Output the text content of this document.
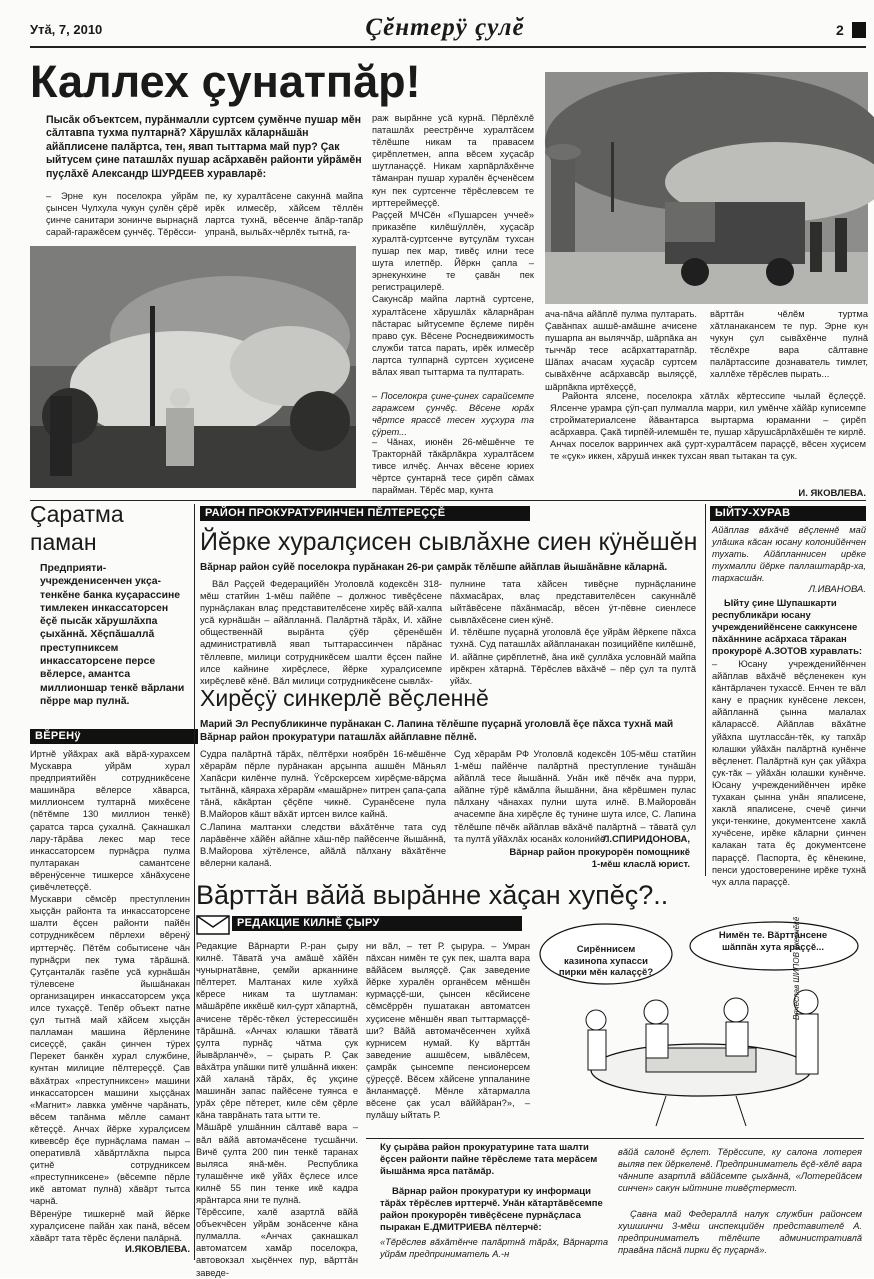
Утă, 7, 2010	Çĕнтерÿ çулĕ	2
Каллех çунатпăр!
Пысăк объектсем, пурăнмалли суртсем çумĕнче пушар мĕн сăлтавпа тухма пултарнă? Хăрушлăх кăларнăшăн айăплисене палăртса, тен, явап тыттарма май пур? Çак ыйтусем çине паташлăх пушар асăрхавĕн районти уйрăмĕн пуçлăхĕ Александр ШУРДЕЕВ хуравларĕ:
– Эрне кун поселокра уйрăм çынсен Чулхула чукун çулĕн çĕрĕ çинче санитари зонинче вырнаçнă сарай-гаражĕсем çунчĕç. Тĕрĕсси-
пе, ку хуралтăсене сакуннă майпа ирĕк илмесĕр, хăйсем тĕллĕн лартса тухнă, вĕсенче ăпăр-тапăр упранă, выльăх-чĕрлĕх тытнă, га-
раж вырăнне усă курнă. Пĕрлĕхлĕ паташлăх реестрĕнче хуралтăсем тĕлĕшпе никам та правасем çирĕплетмен, аппа вĕсем хуçасăр шутланаççĕ. Никам харпăрлăхĕнче тăманран пушар хуралĕн ĕçченĕсем кун пек суртсенче тĕрĕслевсем те ирттереймеççĕ.
Раççей МЧСĕн «Пушарсен уччеĕ» приказĕпе килĕшÿллĕн, хуçасăр хуралтă-суртсенче вутçулăм тухсан пушар пек мар, тивĕç илни тесе шута илетпĕр. Йĕркн çапла – эрнекунхине те çавăн пек регистрацилерĕ.
Сакунсăр майпа лартнă суртсене, хуралтăсене хăрушлăх кăларнăран пăстарас ыйтусемпе ĕçлеме пирĕн право çук. Вĕсене Роснедвижимость служби татса парать, ирĕк илмесĕр лартса тулпарнă суртсен хуçисене вăлах явап тыттарма та пултарать.
– Поселокра çине-çинех сарайсемпе гаражсем çунчĕç. Вĕсене юрăх чĕртсе ярассĕ тесен хуçхура та çÿрет...
– Чăнах, июнĕн 26-мĕшĕнче те Тракторнăй тăкăрлăкра хуралтăсем тивсе илчĕç. Анчах вĕсене юриех чĕртсе çунтарнă тесе çирĕп сăмах парайман. Тĕрĕс мар, кунта
ача-пăча айăплĕ пулма пултарать. Çавăнпах ашшĕ-амăшне ачисене пушарпа ан выляччăр, шăрпăка ан тыччăр тесе асăрхаттаратпăр. Шăпах ачасам хуçасăр суртсем сывăхĕнче асăрхавсăр выляççĕ, шăрпăкпа иртĕхеççĕ,
вăрттăн чĕлĕм туртма хăтланакансем те пур. Эрне кун чукун çул сывăхĕнче пулнă тĕслĕхре вара сăлтавне палăртассипе дознаватель тимлет, халлĕхе тĕрĕслев пырать...
Районта ялсене, поселокра хăтлăх кĕртессипе чылай ĕçлеççĕ. Ялсенче урамра çÿп-çап пулмалла марри, кил умĕнче хăйăр куписемпе стройматериалсене йăвантарса выртарма юраманни – çирĕп асăрхавра. Çакă тирпĕй-илемшĕн те, пушар хăрушсăрлăхĕшĕн те кирлĕ. Анчах поселок варринчех акă çурт-хуралтăсем параççĕ, вĕсен хуçисем те «çук» иккен, хăрушă инкек тухсан явап тытакан та çук.
И. ЯКОВЛЕВА.
Çаратма паман
Предприяти-учрежденисенчен укçа-тенкĕне банка куçарассине тимлекен инкассаторсен ĕçĕ пысăк хăрушлăхпа çыхăннă. Хĕçпăшаллă преступниксем инкассаторсене персе вĕлерсе, амантса миллионшар тенкĕ вăрлани пĕрре мар пулнă.
ВĔРЕНÿ
Иртнĕ уйăхрах акă вăрă-хурахсем Мускавра уйрăм хурал предприятийĕн сотрудникĕсене машинăра вĕлерсе хăварса, миллионсем тултарнă михĕсене (пĕтĕмпе 130 миллион тенкĕ) çаратса тарса çухалнă. Çакнашкал лару-тăрăва лекес мар тесе инкассаторсем пурнăçра пулма пултаракан самантсене вĕренÿсенче тишкерсе хăнăхусене çивĕчлетеççĕ.
Мускаври сĕмсĕр преступленин хыççăн районта та инкассаторсене шалти ĕçсен районти пайĕн сотрудникĕсем пĕрлехи вĕренÿ ирттерчĕç. Пĕтĕм событисене чăн пурнăçри пек тума тăрăшнă. Çутçанталăк газĕпе усă курнăшăн тÿлевсене йышăнакан организацирен инкассаторсем укçа илсе тухаççĕ. Тепĕр объект патне çул тытнă май хăйсем хыççăн палламан машина йĕрленине сисеççĕ, çакăн çинчен тÿрех Перекет банкĕн хурал службине, кунтан милицие пĕлтереççĕ. Çав вăхăтрах «преступниксен» машини инкассаторсен машини хыççăнах «Магнит» лавкка умĕнче чарăнать, вĕсем тапăнма мĕлле самант кĕтеççĕ. Анчах йĕрке хуралçисем кивевсĕр ĕçе пурнăçлама паман – оперативлă хăвăртлăхпа пырса çитнĕ сотрудниксем «преступниксене» (вĕсемпе пĕрле икĕ автомат пулнă) хăвăрт тытса чарнă.
Вĕренÿре тишкернĕ май йĕрке хуралçисене пайăн хак панă, вĕсем хăвăрт тата тĕрĕс ĕçлени палăрнă.
И.ЯКОВЛЕВА.
РАЙОН ПРОКУРАТУРИНЧЕН ПĔЛТЕРЕÇÇĔ
Йĕрке хуралçисен сывлăхне сиен кÿнĕшĕн
Вăрнар район суйĕ поселокра пурăнакан 26-ри çамрăк тĕлĕшпе айăплав йышăнăвне кăларнă.
Вăл Раççей Федерацийĕн Уголовлă кодексĕн 318-мĕш статйин 1-мĕш пайĕпе – должнос тивĕçĕсене пурнăçлакан влаç представителĕсене хирĕç вăй-халпа усă курнăшăн – айăпланнă. Палăртнă тăрăх, И. хăйне общественнăй вырăнта çÿĕр çĕренĕшĕн административлă явап тыттарассинчен пăрăнас тĕллевпе, милици сотрудникĕсем шалти ĕçсен пайне илсе кайнине хирĕçлесе, йĕрке хуралçисемпе хирĕçлевĕ кĕнĕ. Вăл милици сотрудникĕсене сывлăх-
пулнине тата хăйсен тивĕçне пурнăçланине пăхмасăрах, влаç представителĕсен сакуннăлĕ ыйтăвĕсене пăхăнмасăр, вĕсен ÿт-пĕвне сиенлесе сывлăхĕсене сиен кÿнĕ.
И. тĕлĕшпе пуçарнă уголовлă ĕçе уйрăм йĕркепе пăхса тухнă. Суд паташлăх айăпланакан позицийĕпе килĕшнĕ, И. айăпне çирĕплетнĕ, ăна икĕ çуллăха условнăй майпа ирĕкрен хăтарнă. Тĕрĕслев вăхăчĕ – пĕр çул та пултă уйăх.
Хирĕçÿ синкерлĕ вĕçленнĕ
Марий Эл Республикинче пурăнакан С. Лапина тĕлĕшпе пуçарнă уголовлă ĕçе пăхса тухнă май Вăрнар район прокуратури паташлăх айăплавне пĕлнĕ.
Судра палăртнă тăрăх, пĕлтĕрхи ноябрĕн 16-мĕшĕнче хĕрарăм пĕрле пурăнакан арçынпа ашшĕн Мăньял Хапăсри килĕнче пулнă. Ÿсĕрскерсем хирĕçме-вăрçма тытăннă, кăяраха хĕрарăм «машăрне» питрен çапа-çапа тăнă, кăкăртан çĕçĕпе чикнĕ. Суранĕсене пула В.Майоров кăшт вăхăт иртсен вилсе кайнă.
С.Лапина малтанхи следстви вăхăтĕнче тата суд ларăвĕнче хăйĕн айăпне хăш-пĕр пайĕсенче йышăннă, В.Майорова хÿтĕленсе, айăлă пăлхану вăхăтĕнче вĕлерни каланă.
Суд хĕрарăм РФ Уголовлă кодексĕн 105-мĕш статйин 1-мĕш пайĕнче палăртнă преступление тунăшăн айăплă тесе йышăннă. Унăн икĕ пĕчĕк ача пурри, айăпне тÿрĕ кăмăлпа йышăнни, ăна кĕрĕшмен пулас пăлхану чăнахах пулни шута илнĕ. В.Майоровăн ачасемпе ăна хирĕçле ĕç тунине шута илсе, С. Лапина тĕлĕшпе пĕчĕк айăплав вăхăчĕ палăртнă – тăватă çул та пултă уйăхлăх юсанăх колонийĕ.
Л.СПИРИДОНОВА,
Вăрнар район прокурорĕн помощникĕ
1-мĕш класлă юрист.
ЫЙТУ-ХУРАВ
Айăплав вăхăчĕ вĕçленнĕ май улăшка кăсан юсану колонийĕнчен тухать. Айăпланнисен ирĕке тухмалли йĕрке паллаштарăр-ха, тархасшăн.
Л.ИВАНОВА.
Ыйту çине Шупашкарти республикăри юсану учрежденийĕнсене саккунсене пăхăннине асăрхаса тăракан прокурорĕ А.ЗОТОВ хуравлать:
– Юсану учрежденийĕнчен айăплав вăхăчĕ вĕçленекен кун кăнтăрлачен тухассĕ. Енчен те вăл кану е праçник кунĕсене лексен, айăпланнă çынна малалах кăларассĕ. Айăплав вăхăтне уйăхпа шутлассăн-тĕк, ку тапхăр юлашки уйăхăн палăртнă кунĕнче вĕçленет. Палăртнă кун çак уйăхра çук-тăк – уйăхăн юлашки кунĕнче. Юсану учрежденийĕнчен ирĕке тухакан çынна унăн япалисене, хаклă япалисене, счечĕ çинчи укçи-тенкине, документсене хаклă хучĕсене, ирĕке кăларни çинчен калакан тата ĕç документсене параççĕ. Паспорта, ĕç кĕнекине, пенси удостоверенине ирĕке тухнă чух алла параççĕ.
Вăрттăн вăйă вырăнне хăçан хупĕç?..
РЕДАКЦИЕ КИЛНĔ ÇЫРУ
Редакцие Вăрнарти Р.-ран çыру килнĕ. Тăватă уча амăшĕ хăйĕн чунырнатăвне, çемйи арканнине пĕлтерет. Малтанах киле хуйхă кĕресе никам та шутламан: мăшăрĕпе иккĕшĕ кил-çурт хăпартнă, ачисене тĕрĕс-тĕкел ÿстерессишĕн тăрăшнă. «Анчах юлашки тăватă çулта пурнăç чăтма çук йывăрланчĕ», – çырать Р. Çак вăхăтра упăшки питĕ улшăннă иккен: хăй халанă тăрăх, ĕç укçине машинăн запас пайĕсене туянса е урăх çĕре пĕтерет, киле сĕм çĕрле кăна таврăнать тата ытти те.
Мăшăрĕ улшăннин сăлтавĕ вара – вăл вăйă автомачĕсене тусшăнчи. Вичĕ çулта 200 пин тенкĕ таранах выляса янă-мĕн. Республика тулашĕнче икĕ уйăх ĕçлесе илсе килнĕ 55 пин тенке икĕ кадра ярăнтарса яни те пулнă.
Тĕрĕссипе, халĕ азартлă вăйă объекчĕсен уйрăм зонăсенче кăна пулмалла. «Анчах çакнашкал автоматсем хамăр поселокра, автовокзал хыçĕнчех пур, вăрттăн заведе-
ни вăл, – тет Р. çырура. – Умран пăхсан нимĕн те çук пек, шалта вара вăйăсем выляççĕ. Çак заведение йĕрке хуралĕн органĕсем мĕншĕн курмаççĕ-ши, çынсен кĕсйисене сĕмсĕррĕн пушатакан автоматсен хуçисене мĕншĕн явап тыттармаççĕ-ши? Вăйă автомачĕсенчен хуйхă курнисем нумай. Ку вăрттăн заведение ашшĕсем, ывăлĕсем, çамрăк çынсемпе пенсионерсем çÿреççĕ. Вĕсем хăйсене уппаланине ăнланмаççĕ. Мĕнле хăтармалла вĕсене çак усал вăййăран?», – пулăшу ыйтать Р.
Сирĕннисем казинопа хупасси пирки мĕн калаççĕ?
Нимĕн те. Вăрттăнсене шăппăн хута яраççĕ...
Вячеслав ШИПОВ ÿкерчĕкĕ
Ку çырăва район прокуратурине тата шалти ĕçсен районти пайне тĕрĕслеме тата мерăсем йышăнма ярса патăмăр.
Вăрнар район прокуратури ку информаци тăрăх тĕрĕслев ирттерчĕ. Унăн кăтартăвĕсемпе район прокурорĕн тивĕçĕсене пурнăçласа пыракан Е.ДМИТРИЕВА пĕлтерчĕ:
«Тĕрĕслев вăхăтĕнче палăртнă тăрăх, Вăрнарта уйрăм предприниматель А.-н
вăйă салонĕ ĕçлет. Тĕрĕссипе, ку салона лотерея выляв пек йĕркеленĕ. Предприниматель ĕçĕ-хĕлĕ вара чăннипе азартлă вăйăсемпе çыхăннă, «Лотерейăсем синчен» сакун ыйтнине тивĕçтермест.
Çавна май Федераллă налук службин районсем хушшинчи 3-мĕш инспекцийĕн представителĕ А. предпринимателъ тĕлĕшпе административлă правăна пăснă пирки ĕç пуçарнă».
